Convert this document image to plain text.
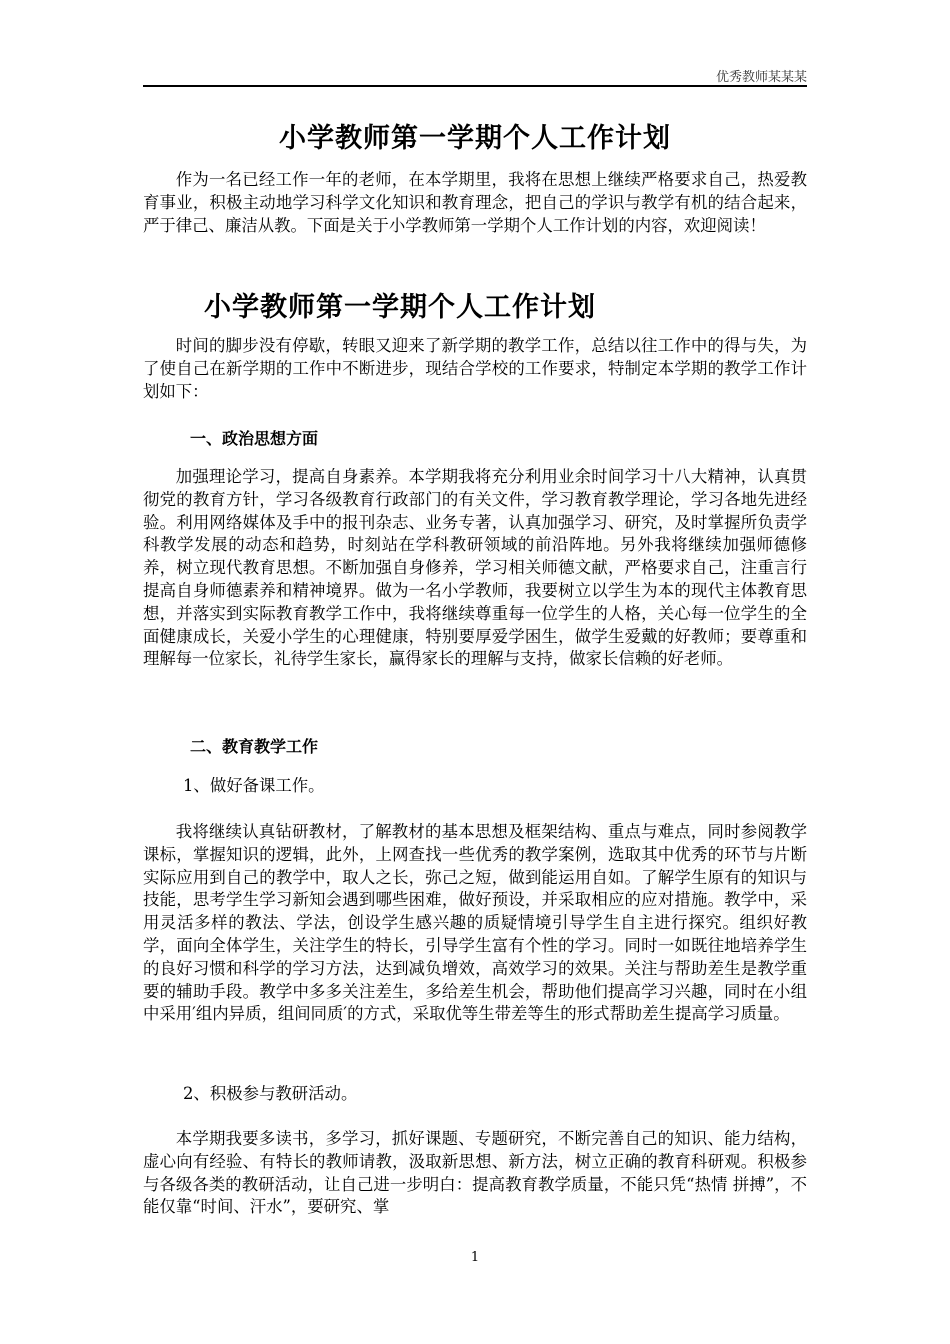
优秀教师某某某
小学教师第一学期个人工作计划

作为一名已经工作一年的老师，在本学期里，我将在思想上继续严格要求自己，热爱教育事业，积极主动地学习科学文化知识和教育理念，把自己的学识与教学有机的结合起来，严于律己、廉洁从教。下面是关于小学教师第一学期个人工作计划的内容，欢迎阅读！

小学教师第一学期个人工作计划

时间的脚步没有停歇，转眼又迎来了新学期的教学工作，总结以往工作中的得与失，为了使自己在新学期的工作中不断进步，现结合学校的工作要求，特制定本学期的教学工作计划如下：

一、政治思想方面

加强理论学习，提高自身素养。本学期我将充分利用业余时间学习十八大精神，认真贯彻党的教育方针，学习各级教育行政部门的有关文件，学习教育教学理论，学习各地先进经验。利用网络媒体及手中的报刊杂志、业务专著，认真加强学习、研究，及时掌握所负责学科教学发展的动态和趋势，时刻站在学科教研领域的前沿阵地。另外我将继续加强师德修养，树立现代教育思想。不断加强自身修养，学习相关师德文献，严格要求自己，注重言行提高自身师德素养和精神境界。做为一名小学教师，我要树立以学生为本的现代主体教育思想，并落实到实际教育教学工作中，我将继续尊重每一位学生的人格，关心每一位学生的全面健康成长，关爱小学生的心理健康，特别要厚爱学困生，做学生爱戴的好教师；要尊重和理解每一位家长，礼待学生家长，赢得家长的理解与支持，做家长信赖的好老师。

二、教育教学工作

1、做好备课工作。

我将继续认真钻研教材，了解教材的基本思想及框架结构、重点与难点，同时参阅教学课标，掌握知识的逻辑，此外，上网查找一些优秀的教学案例，选取其中优秀的环节与片断实际应用到自己的教学中，取人之长，弥己之短，做到能运用自如。了解学生原有的知识与技能，思考学生学习新知会遇到哪些困难，做好预设，并采取相应的应对措施。教学中，采用灵活多样的教法、学法，创设学生感兴趣的质疑情境引导学生自主进行探究。组织好教学，面向全体学生，关注学生的特长，引导学生富有个性的学习。同时一如既往地培养学生的良好习惯和科学的学习方法，达到减负增效，高效学习的效果。关注与帮助差生是教学重要的辅助手段。教学中多多关注差生，多给差生机会，帮助他们提高学习兴趣，同时在小组中采用′组内异质，组间同质′的方式，采取优等生带差等生的形式帮助差生提高学习质量。

2、积极参与教研活动。

本学期我要多读书，多学习，抓好课题、专题研究，不断完善自己的知识、能力结构，虚心向有经验、有特长的教师请教，汲取新思想、新方法，树立正确的教育科研观。积极参与各级各类的教研活动，让自己进一步明白：提高教育教学质量，不能只凭“热情 拼搏”，不能仅靠“时间、汗水”，要研究、掌

1
